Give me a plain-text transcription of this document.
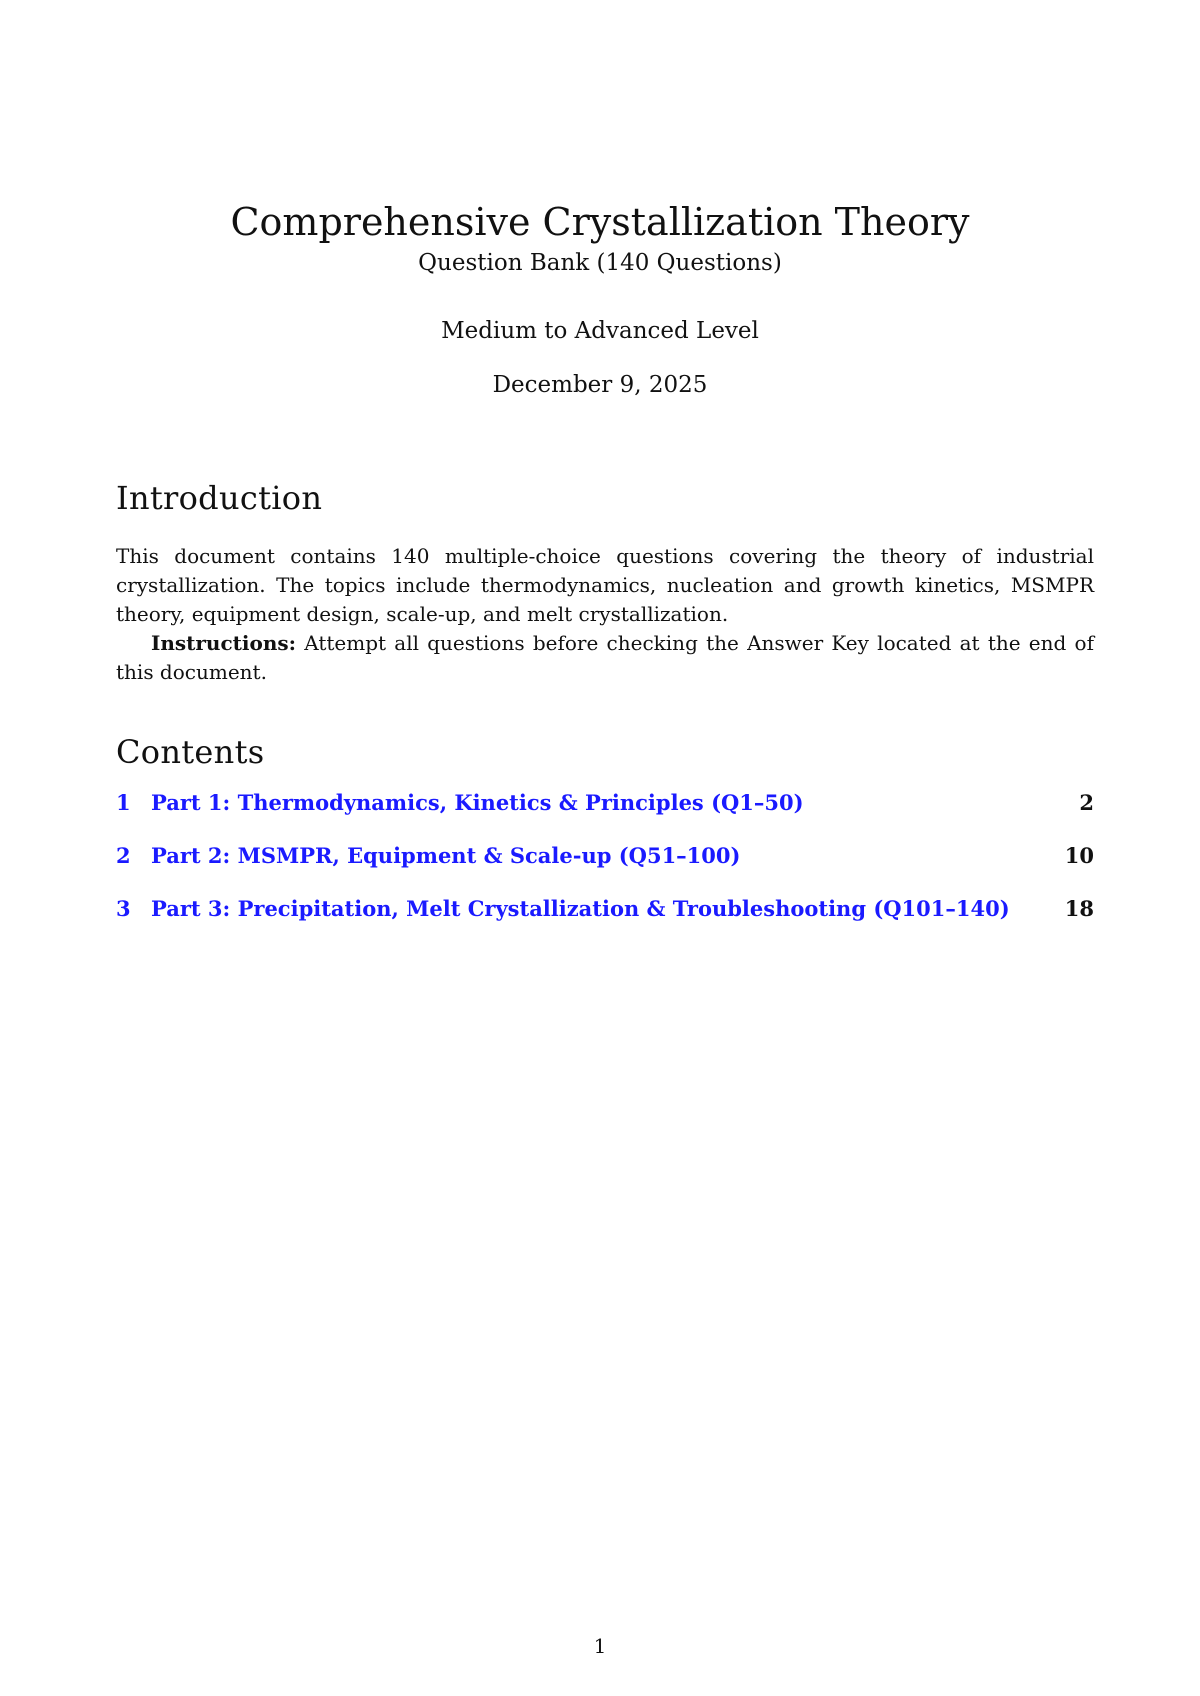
Comprehensive Crystallization Theory
Question Bank (140 Questions)
Medium to Advanced Level
December 9, 2025
Introduction

This document contains 140 multiple-choice questions covering the theory of industrial crystallization. The topics include thermodynamics, nucleation and growth kinetics, MSMPR theory, equipment design, scale-up, and melt crystallization.

Instructions: Attempt all questions before checking the Answer Key located at the end of this document.

Contents
1 Part 1: Thermodynamics, Kinetics & Principles (Q1–50)	2
2 Part 2: MSMPR, Equipment & Scale-up (Q51–100)	10
3 Part 3: Precipitation, Melt Crystallization & Troubleshooting (Q101–140)	18
1
